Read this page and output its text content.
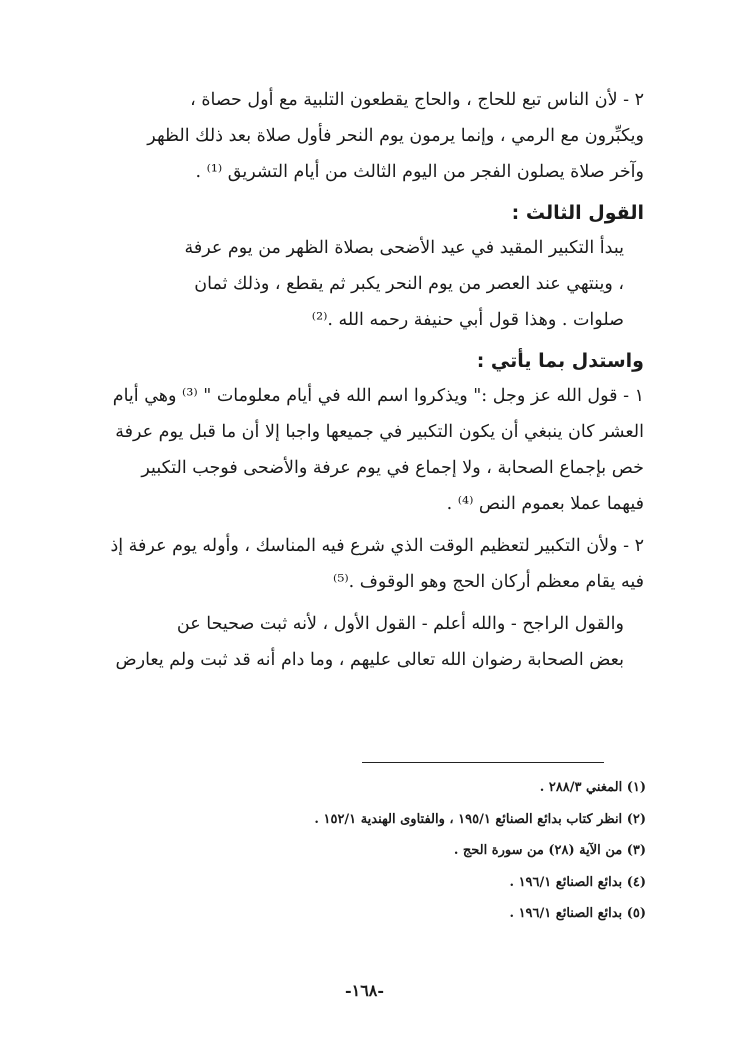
٢ - لأن الناس تبع للحاج ، والحاج يقطعون التلبية مع أول حصاة ،

ويكبِّرون مع الرمي ، وإنما يرمون يوم النحر فأول صلاة بعد ذلك الظهر

وآخر صلاة يصلون الفجر من اليوم الثالث من أيام التشريق ⁽¹⁾ .

القول الثالث :

يبدأ التكبير المقيد في عيد الأضحى بصلاة الظهر من يوم عرفة

، وينتهي عند العصر من يوم النحر يكبر ثم يقطع ، وذلك ثمان

صلوات . وهذا قول أبي حنيفة رحمه الله .⁽²⁾

واستدل بما يأتي :

١ - قول الله عز وجل :" ويذكروا اسم الله في أيام معلومات " ⁽³⁾ وهي أيام

العشر كان ينبغي أن يكون التكبير في جميعها واجبا إلا أن ما قبل يوم عرفة

خص بإجماع الصحابة ، ولا إجماع في يوم عرفة والأضحى فوجب التكبير

فيهما عملا بعموم النص ⁽⁴⁾ .

٢ - ولأن التكبير لتعظيم الوقت الذي شرع فيه المناسك ، وأوله يوم عرفة إذ

فيه يقام معظم أركان الحج وهو الوقوف .⁽⁵⁾

والقول الراجح - والله أعلم - القول الأول ، لأنه ثبت صحيحا عن

بعض الصحابة رضوان الله تعالى عليهم ، وما دام أنه قد ثبت ولم يعارض

(١) المغني ٢٨٨/٣ .

(٢) انظر كتاب بدائع الصنائع ١٩٥/١ ، والفتاوى الهندية ١٥٢/١ .

(٣) من الآية (٢٨) من سورة الحج .

(٤) بدائع الصنائع ١٩٦/١ .

(٥) بدائع الصنائع ١٩٦/١ .

-١٦٨-
